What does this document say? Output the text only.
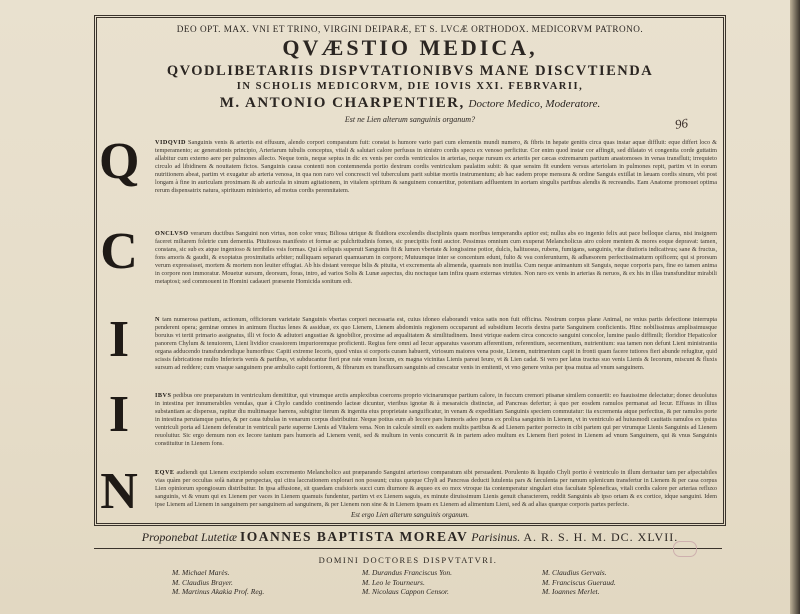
DEO OPT. MAX. VNI ET TRINO, VIRGINI DEIPARÆ, ET S. LVCÆ ORTHODOX. MEDICORVM PATRONO.
QVÆSTIO MEDICA,
QVODLIBETARIIS DISPVTATIONIBVS MANE DISCVTIENDA
IN SCHOLIS MEDICORVM, DIE IOVIS XXI. FEBRVARII,
M. ANTONIO CHARPENTIER, Doctore Medico, Moderatore.
Est ne Lien alterum sanguinis organum?	96
Q
C
I
I
N
VIDQVID Sanguinis venis & arteriis est effusum, alendo corpori comparatum fuit: constat is humore vario pari cum elementis mundi numero, & fibris in hepate genitis circa quas instar aquæ diffluit: eque differt loco & temperamento; ac generationis principio, Arteriarum tubulis conceptus, vitali & salutari calore perfusus in sinistro cordis specu ex venoso perficitur. Cor enim quod instar cor affingit, sed dilatato vi congenita corde guttatim allabitur cum externo aere per pulmones allecto. Neque tonis, neque sepius in dic ex venis per cordis ventriculos in arterias, neque rursum ex arteriis per cæcas extremarum partium anastomoses in venas transfluit; irrequieto circulo ad libidinem & nouitatem fictos. Sanguinis causa contenti non contemnenda portio dextrum cordis ventriculum paulatim subit: & quæ sensim fit eundem versus arteriolam in pulmones repit, partim vt in eorum nutritionem abeat, partim vt exugatur ab arteria venosa, in qua non raro vel concrescit vel tuberculum parit subitæ mortis instrumentum; ab hac eadem prope mensura & ordine Sanguis extillat in læuam cordis sinum, vbi post longam à fine in auriculam proximam & ab auricula in sinum agitationem, in vitalem spiritum & sanguinem conuertitur, potentiam adfluentem in aortam singulis partibus alendis & recreandis. Eam Anatome promouet optima rerum dispensatrix natura, spirituum ministerio, ad motus cordis perennitatem.
ONCLVSO verarum ductibus Sanguini non virtus, non color vnus; Biliosa utrique & fluidiora excolendis disciplinis quam moribus temperandis aptior est; nullus abs eo ingenio felix aut pace belloque clarus, nisi insignem faceret miltarem foletrie cum dementia. Pituitosus manifesto et formæ ac pulchritudinis fomes, sic præcipitis fonti auctor. Pessimus omnium cum exuperat Melancholicus atro colore mentem & mores eoque depravat: tamen, constans, sic sub ex atque ingenioso & terribiles vsis formas. Qui à reliquis superuit Sanguinis fit & lumen vbertate & longissime potior, dulcis, halituosus, rubens, fumigans, sanguinis, vitæ diutioris indicativus; sane & fructus, fons amoris & gaudii, & exoptatus proximitatis arbiter; nulliquam separari quamuarum in corpore; Mutuumque inter se concentum edunt, fulto & vsu conferunturm, & adhæsorem perfectissimaturm opificem; qui si prorsum verum expressisset, mortem & mortem non leuiter effugiat. Ab his distant vereque bilis & pituita, vt excrementa ab alimenda, quamuis non inutilia. Cum neque animantum sit Sanguis, neque corporis pars, fine eo tamen anima in corpore non immoratur. Mouetur sursum, deorsum, foras, intro, ad varios Solis & Lunæ aspectus, diu noctuque tam infira quam externas virtutes. Non raro ex venis in arterias & neruos, & ex his in illas transfunditur mirabili metaptosi; sed commouent in Homini cadaueri præsente Homicida sonitum edi.
N tam numerosa partium, actionum, officiorum varietate Sanguinis vbertas corpori necessaria est, cuius idoneo elaborandi vnica satis non fuit officina. Nostrum corpus plane Animal, ne vnius partis defectione interrupta penderent opera; geminæ omnes in animum fluctus lenes & assiduæ, ex quo Lienem, Lienem abdominis regionem occuparunt ad subsidium Iecoris dextra parte Sanguinem conficientis. Hinc nobilissimus amplissimusque boruius vt tertii primario assignatus, illi vt focio & adiutori angustiae & ignobilior, proxime ad æqualitatem & similitudinem. Inest vtrique eadem circa concocto sanguini concolor, lumine paulo diffimili; floridior Hepaticolor panorem Chylum & tenuiorem, Lieni lividior crassiorem impurioremque proficienti. Regius fere omni ad Iecur apparatus vasorum afferentium, referentium, secernentium, nutrientium: sua tamen non defunt Lieni ministrantia organa adducendo transfundendique humoribus: Capiti extreme Iecoris, quod vnius si corporis curam habuerit, viriosum maiores vena poste, Lienem, nutrimentum capit in fronti quam facere tutiores fieri abunde refugitur, quid scissis fabricatione multo Inferioris venis & partibus, vt subducantur fieri præ rate vnum locum, ex magna vicinitas Lienis pareat Ieure, vt & Lien cadat. Si vero per latus tractus suo venis Lienis & Iecorum, miscunt & fluxis sursum ad reddere; cum vnaque sanguinem præ ambulio capit fortiorem, & fibrarum ex transfluxam sanguinis ad crescatur venis in emitenti, vt vno genere vnius per ipsa mutua ad vnum sanguinem.
IBVS pedibus ore præparatum in ventriculum demittitur, qui vtrumque arctis amplexibus coercens proprio vicinarumque partium calore, in fuccum cremori ptisanæ similem conuertit: eo fuauissime delectatur; donec deuolutus in intestina per innumerabiles venulas, quæ à Chylo candido continendo lacteæ dicuntur, vteribus ignotæ & à mesaraicis distinctæ, ad Pancreas defertur; à quo per eosdem ramulos permanat ad Iecur. Effusus in illius substantiam ac dispersus, rapitur diu multimaque hærens, subigitur iterum & ingenita eius proprietate sanguificatur, in venam & expeditiam Sanguinis speciem commutatur: ita excrementa atque perfectius, & per ramulos porte in intestina peruiamque partes, & per caua tubulas in venarum corpus distribuitur. Neque potius eum ab Iecore pars humoris adeo purus ex prolixa sanguinis in Lienem, vt in ventriculo ad huiusmodi cauitatis ramulos ex ipsius ventriculi porta ad Lienem deferatur in ventriculi parte superne Lienis ad Vitalem vena. Non in calcule simili ex eadem multis partibus & ad Lienem pariter porrecto in cibi partem qui per vtrumque Lienis Sanguinis ad Lienem reuoluitur. Sic ergo demum non ex Iecore tantum pars humoris ad Lienem venit, sed & multum in venis concurrit & in partem adeo multum ex Lienem fieri potest in Lienem ad vnum Sanguinem, qui & vnus Sanguinis constituitur in Lienem fons.
EQVE audiendi qui Lienem excipiendo solum excremento Melancholico aut præparando Sanguini arterioso comparatum sibi persuadent. Porulento & liquido Chyli portio è ventriculo in illum deriuatur tam per afpectabiles vias quàm per occultas solà naturæ perspectas, qui citra laccrationem explorari non possunt; cuius quoque Chyli ad Pancreas deducti lutulenta pars & fæculenta per ramum splenicum transfertur in Lienem & per casa corpus Lien opiniorum spongiosum distribuitur. In ipsa affusione, sit quædam crafsioris succi cum diurnore & æqueo ex eo mox vtroque ita contemperatur singulari eius facultate Spleneficas, vitali cordis calore per arterias refluxo sanguinis, vt & vnum qui ex Lienem per vaces in Lienem quamuis fundentur, partim vt ex Lienem saguis, ex minute diruissimum Lienis genuit characterem, reddit Sanguinis ab ipso ortam & ex cortice, idque sanguini. Idem ipse Lienem ad Lienem in sanguinem per sanguinem ad sanguinem, & per Lienem non sine & in Lienem ipsam ex Lienem ad alimentum Lieni, sed & ad alias quæque corporis partes perfecte.
Est ergo Lien alterum sanguinis organum.
Proponebat Lutetiæ IOANNES BAPTISTA MOREAV Parisinus. A. R. S. H. M. DC. XLVII.
DOMINI DOCTORES DISPVTATVRI.
M. Michael Marès.
M. Claudius Brayer.
M. Martinus Akakia Prof. Reg.
M. Durandus Franciscus Yon.
M. Leo le Tourneurs.
M. Nicolaus Cappon Censor.
M. Claudius Gervais.
M. Franciscus Gueraud.
M. Ioannes Merlet.
